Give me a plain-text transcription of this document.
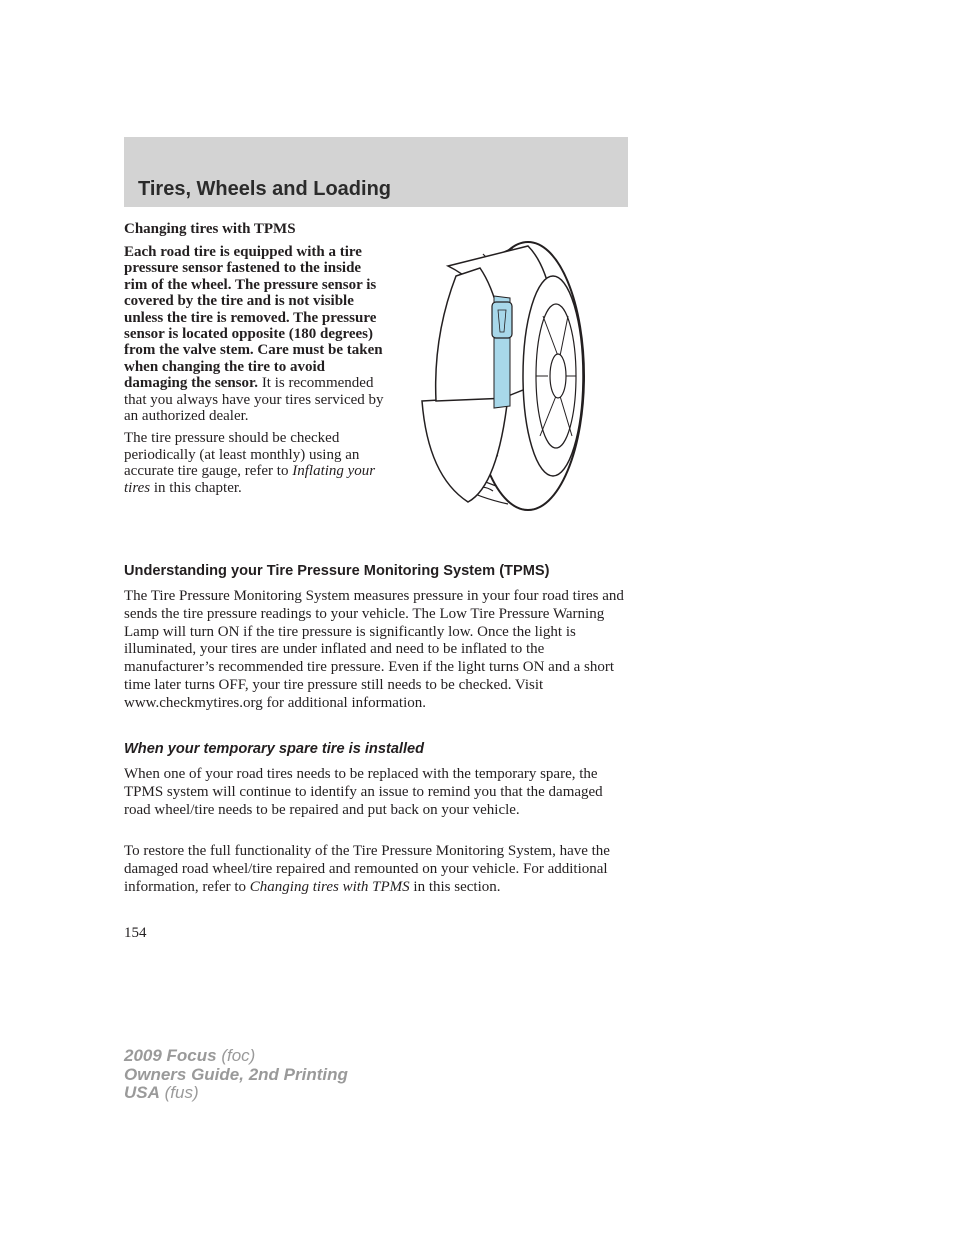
Tires, Wheels and Loading
Changing tires with TPMS

Each road tire is equipped with a tire pressure sensor fastened to the inside rim of the wheel. The pressure sensor is covered by the tire and is not visible unless the tire is removed. The pressure sensor is located opposite (180 degrees) from the valve stem. Care must be taken when changing the tire to avoid damaging the sensor. It is recommended that you always have your tires serviced by an authorized dealer.

The tire pressure should be checked periodically (at least monthly) using an accurate tire gauge, refer to Inflating your tires in this chapter.

Understanding your Tire Pressure Monitoring System (TPMS)

The Tire Pressure Monitoring System measures pressure in your four road tires and sends the tire pressure readings to your vehicle. The Low Tire Pressure Warning Lamp will turn ON if the tire pressure is significantly low. Once the light is illuminated, your tires are under inflated and need to be inflated to the manufacturer’s recommended tire pressure. Even if the light turns ON and a short time later turns OFF, your tire pressure still needs to be checked. Visit www.checkmytires.org for additional information.

When your temporary spare tire is installed

When one of your road tires needs to be replaced with the temporary spare, the TPMS system will continue to identify an issue to remind you that the damaged road wheel/tire needs to be repaired and put back on your vehicle.

To restore the full functionality of the Tire Pressure Monitoring System, have the damaged road wheel/tire repaired and remounted on your vehicle. For additional information, refer to Changing tires with TPMS in this section.

154
2009 Focus (foc)
Owners Guide, 2nd Printing
USA (fus)
